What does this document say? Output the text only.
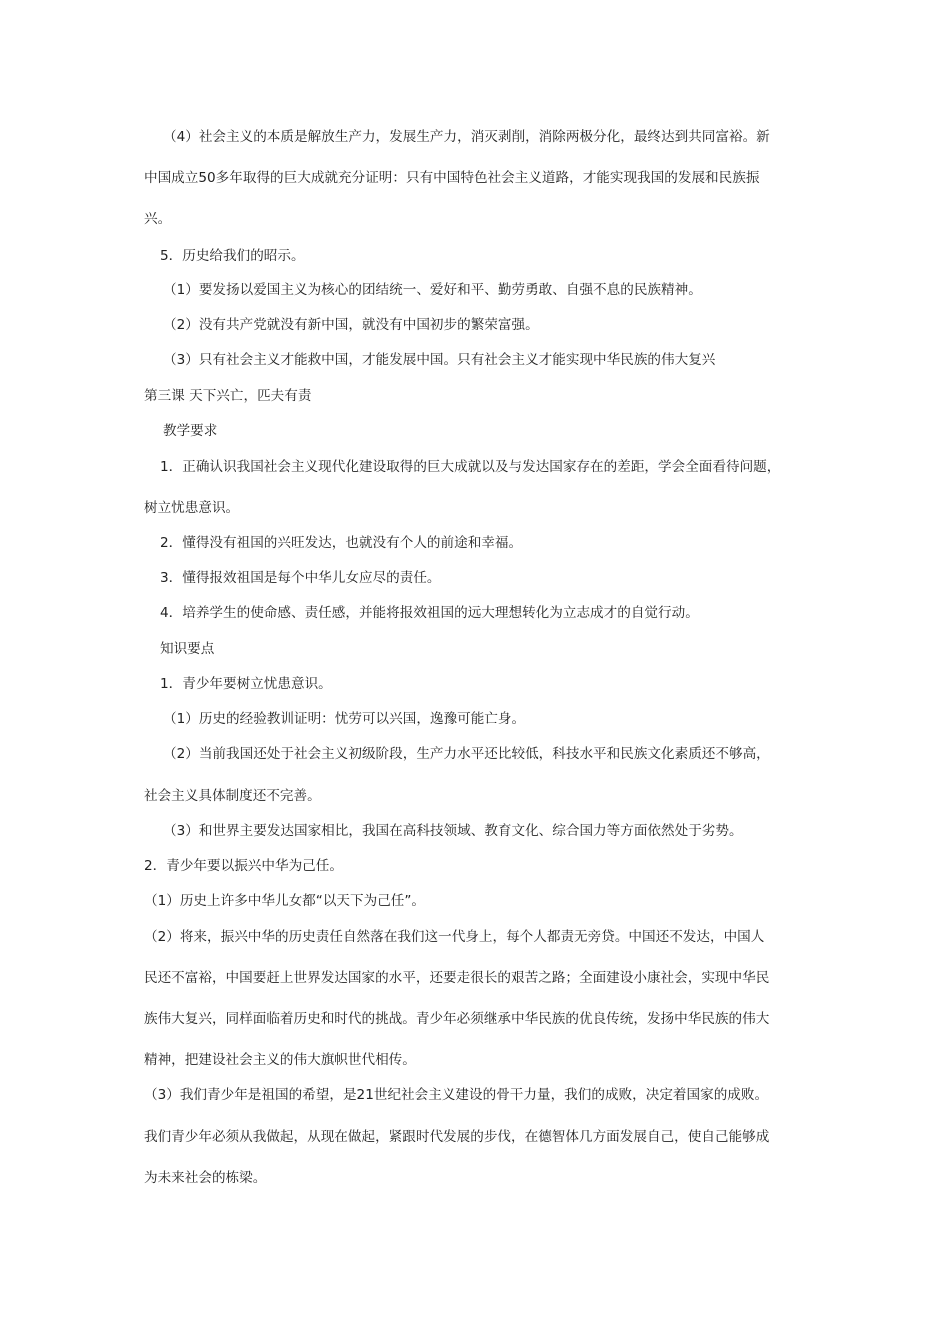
（4）社会主义的本质是解放生产力，发展生产力，消灭剥削，消除两极分化，最终达到共同富裕。新
中国成立50多年取得的巨大成就充分证明：只有中国特色社会主义道路，才能实现我国的发展和民族振
兴。
5．历史给我们的昭示。
（1）要发扬以爱国主义为核心的团结统一、爱好和平、勤劳勇敢、自强不息的民族精神。
（2）没有共产党就没有新中国，就没有中国初步的繁荣富强。
（3）只有社会主义才能救中国，才能发展中国。只有社会主义才能实现中华民族的伟大复兴
第三课 天下兴亡，匹夫有责
教学要求
1．正确认识我国社会主义现代化建设取得的巨大成就以及与发达国家存在的差距，学会全面看待问题，
树立忧患意识。
2．懂得没有祖国的兴旺发达，也就没有个人的前途和幸福。
3．懂得报效祖国是每个中华儿女应尽的责任。
4．培养学生的使命感、责任感，并能将报效祖国的远大理想转化为立志成才的自觉行动。
知识要点
1．青少年要树立忧患意识。
（1）历史的经验教训证明：忧劳可以兴国，逸豫可能亡身。
（2）当前我国还处于社会主义初级阶段，生产力水平还比较低，科技水平和民族文化素质还不够高，
社会主义具体制度还不完善。
（3）和世界主要发达国家相比，我国在高科技领域、教育文化、综合国力等方面依然处于劣势。
2．青少年要以振兴中华为己任。
（1）历史上许多中华儿女都“以天下为己任”。
（2）将来，振兴中华的历史责任自然落在我们这一代身上，每个人都责无旁贷。中国还不发达，中国人
民还不富裕，中国要赶上世界发达国家的水平，还要走很长的艰苦之路；全面建设小康社会，实现中华民
族伟大复兴，同样面临着历史和时代的挑战。青少年必须继承中华民族的优良传统，发扬中华民族的伟大
精神，把建设社会主义的伟大旗帜世代相传。
（3）我们青少年是祖国的希望，是21世纪社会主义建设的骨干力量，我们的成败，决定着国家的成败。
我们青少年必须从我做起，从现在做起，紧跟时代发展的步伐，在德智体几方面发展自己，使自己能够成
为未来社会的栋梁。
